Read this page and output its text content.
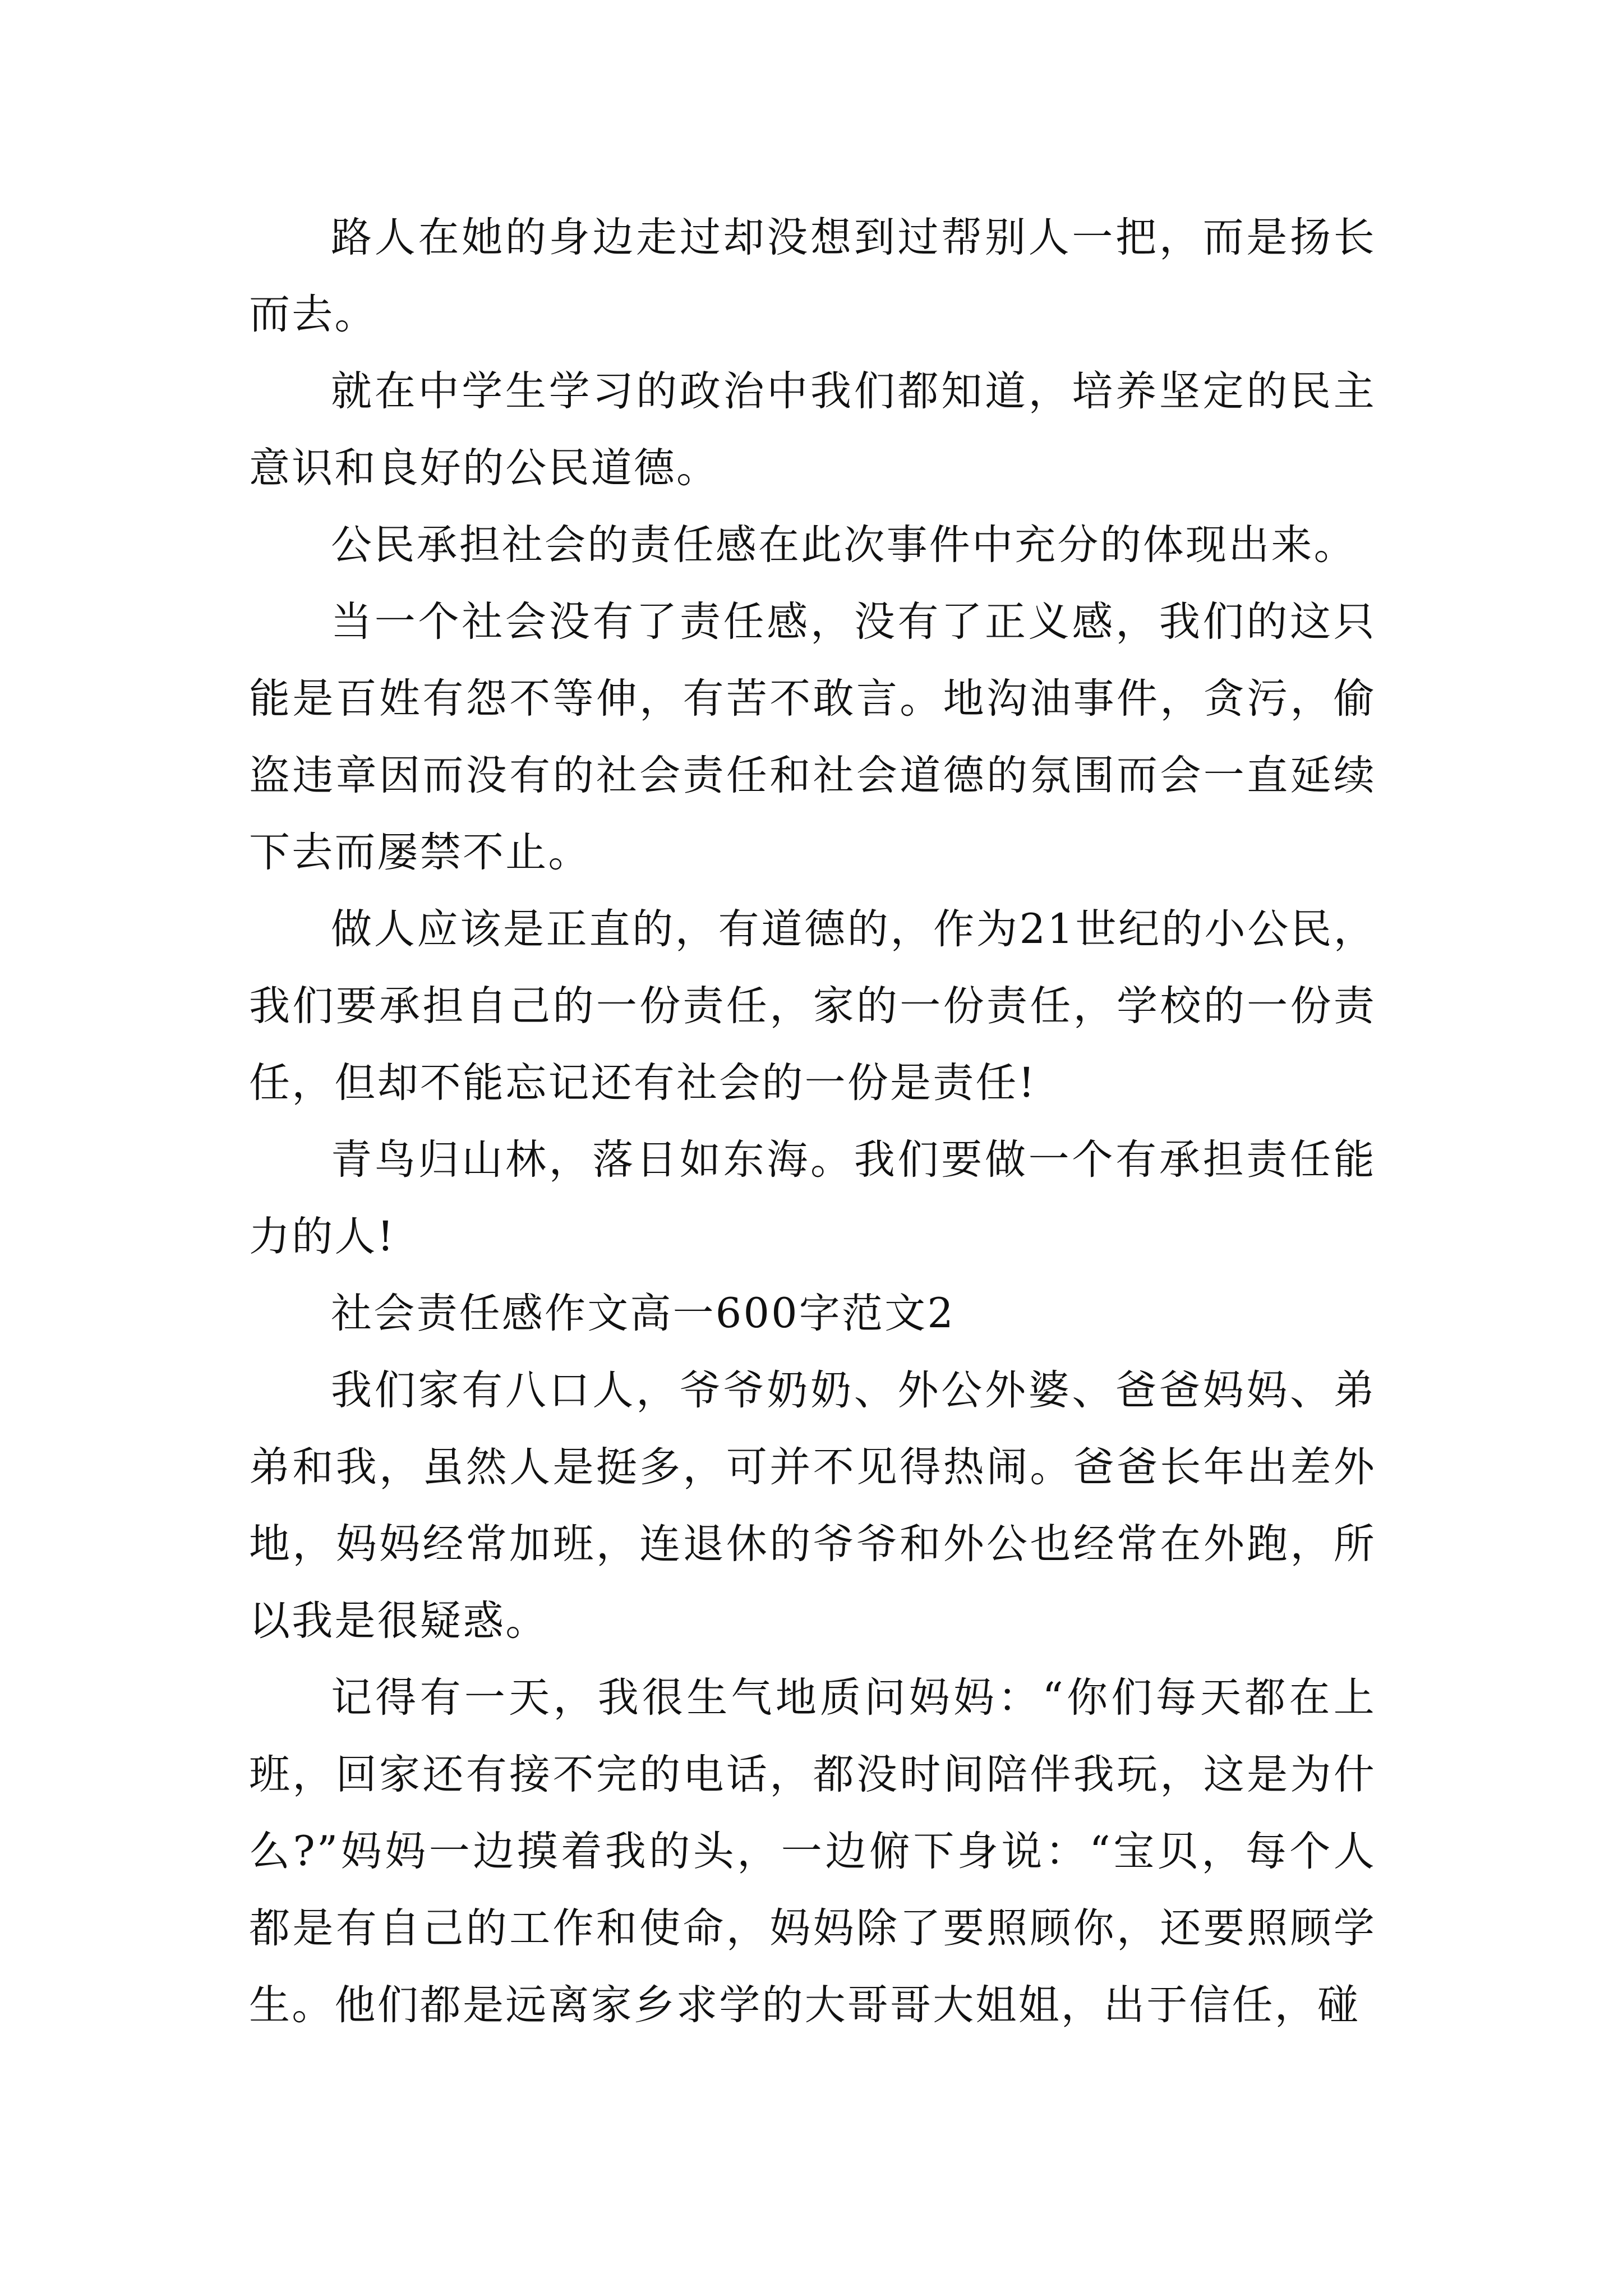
路人在她的身边走过却没想到过帮别人一把，而是扬长而去。

就在中学生学习的政治中我们都知道，培养坚定的民主意识和良好的公民道德。

公民承担社会的责任感在此次事件中充分的体现出来。

当一个社会没有了责任感，没有了正义感，我们的这只能是百姓有怨不等伸，有苦不敢言。地沟油事件，贪污，偷盗违章因而没有的社会责任和社会道德的氛围而会一直延续下去而屡禁不止。

做人应该是正直的，有道德的，作为21世纪的小公民，我们要承担自己的一份责任，家的一份责任，学校的一份责任，但却不能忘记还有社会的一份是责任!

青鸟归山林，落日如东海。我们要做一个有承担责任能力的人!

社会责任感作文高一600字范文2

我们家有八口人，爷爷奶奶、外公外婆、爸爸妈妈、弟弟和我，虽然人是挺多，可并不见得热闹。爸爸长年出差外地，妈妈经常加班，连退休的爷爷和外公也经常在外跑，所以我是很疑惑。

记得有一天，我很生气地质问妈妈：“你们每天都在上班，回家还有接不完的电话，都没时间陪伴我玩，这是为什么?”妈妈一边摸着我的头，一边俯下身说：“宝贝，每个人都是有自己的工作和使命，妈妈除了要照顾你，还要照顾学生。他们都是远离家乡求学的大哥哥大姐姐，出于信任，碰
